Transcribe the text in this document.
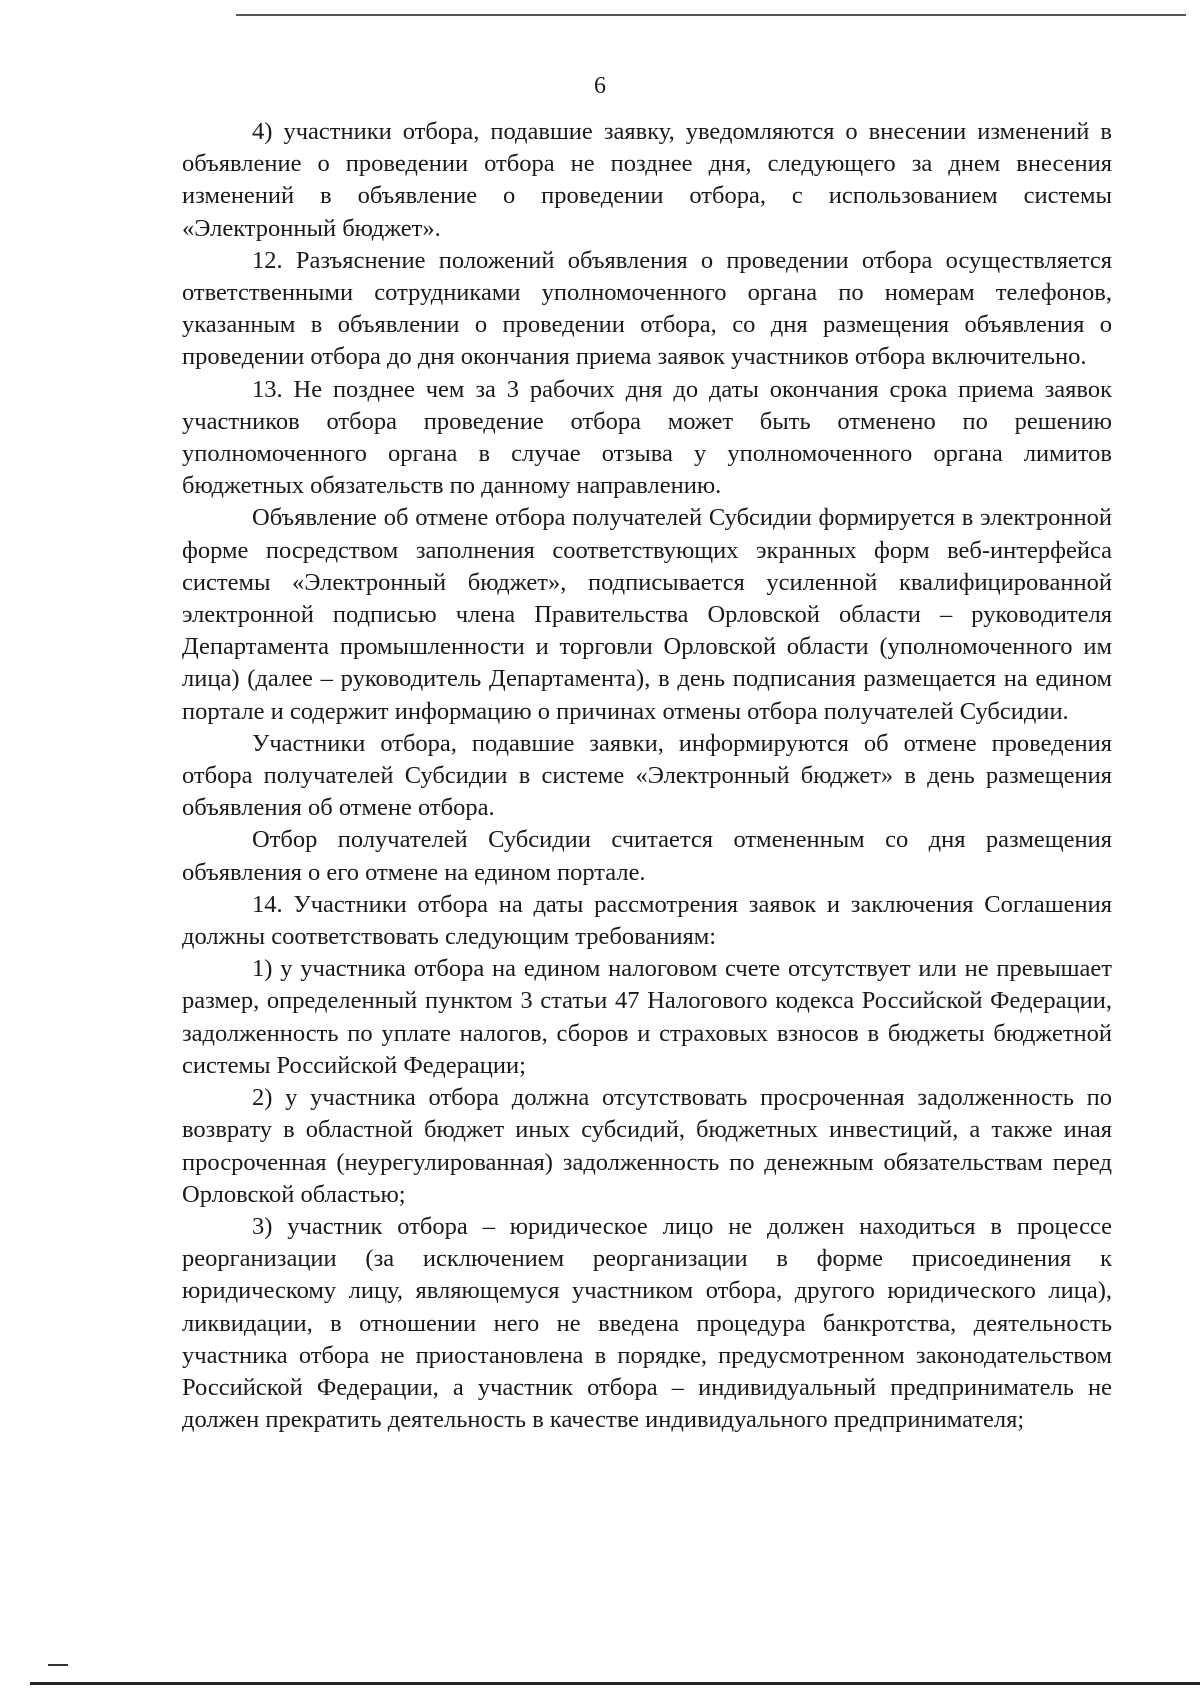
6

4) участники отбора, подавшие заявку, уведомляются о внесении изменений в объявление о проведении отбора не позднее дня, следующего за днем внесения изменений в объявление о проведении отбора, с использованием системы «Электронный бюджет».

12. Разъяснение положений объявления о проведении отбора осуществляется ответственными сотрудниками уполномоченного органа по номерам телефонов, указанным в объявлении о проведении отбора, со дня размещения объявления о проведении отбора до дня окончания приема заявок участников отбора включительно.

13. Не позднее чем за 3 рабочих дня до даты окончания срока приема заявок участников отбора проведение отбора может быть отменено по решению уполномоченного органа в случае отзыва у уполномоченного органа лимитов бюджетных обязательств по данному направлению.

Объявление об отмене отбора получателей Субсидии формируется в электронной форме посредством заполнения соответствующих экранных форм веб-интерфейса системы «Электронный бюджет», подписывается усиленной квалифицированной электронной подписью члена Правительства Орловской области – руководителя Департамента промышленности и торговли Орловской области (уполномоченного им лица) (далее – руководитель Департамента), в день подписания размещается на едином портале и содержит информацию о причинах отмены отбора получателей Субсидии.

Участники отбора, подавшие заявки, информируются об отмене проведения отбора получателей Субсидии в системе «Электронный бюджет» в день размещения объявления об отмене отбора.

Отбор получателей Субсидии считается отмененным со дня размещения объявления о его отмене на едином портале.

14. Участники отбора на даты рассмотрения заявок и заключения Соглашения должны соответствовать следующим требованиям:

1) у участника отбора на едином налоговом счете отсутствует или не превышает размер, определенный пунктом 3 статьи 47 Налогового кодекса Российской Федерации, задолженность по уплате налогов, сборов и страховых взносов в бюджеты бюджетной системы Российской Федерации;

2) у участника отбора должна отсутствовать просроченная задолженность по возврату в областной бюджет иных субсидий, бюджетных инвестиций, а также иная просроченная (неурегулированная) задолженность по денежным обязательствам перед Орловской областью;

3) участник отбора – юридическое лицо не должен находиться в процессе реорганизации (за исключением реорганизации в форме присоединения к юридическому лицу, являющемуся участником отбора, другого юридического лица), ликвидации, в отношении него не введена процедура банкротства, деятельность участника отбора не приостановлена в порядке, предусмотренном законодательством Российской Федерации, а участник отбора – индивидуальный предприниматель не должен прекратить деятельность в качестве индивидуального предпринимателя;
